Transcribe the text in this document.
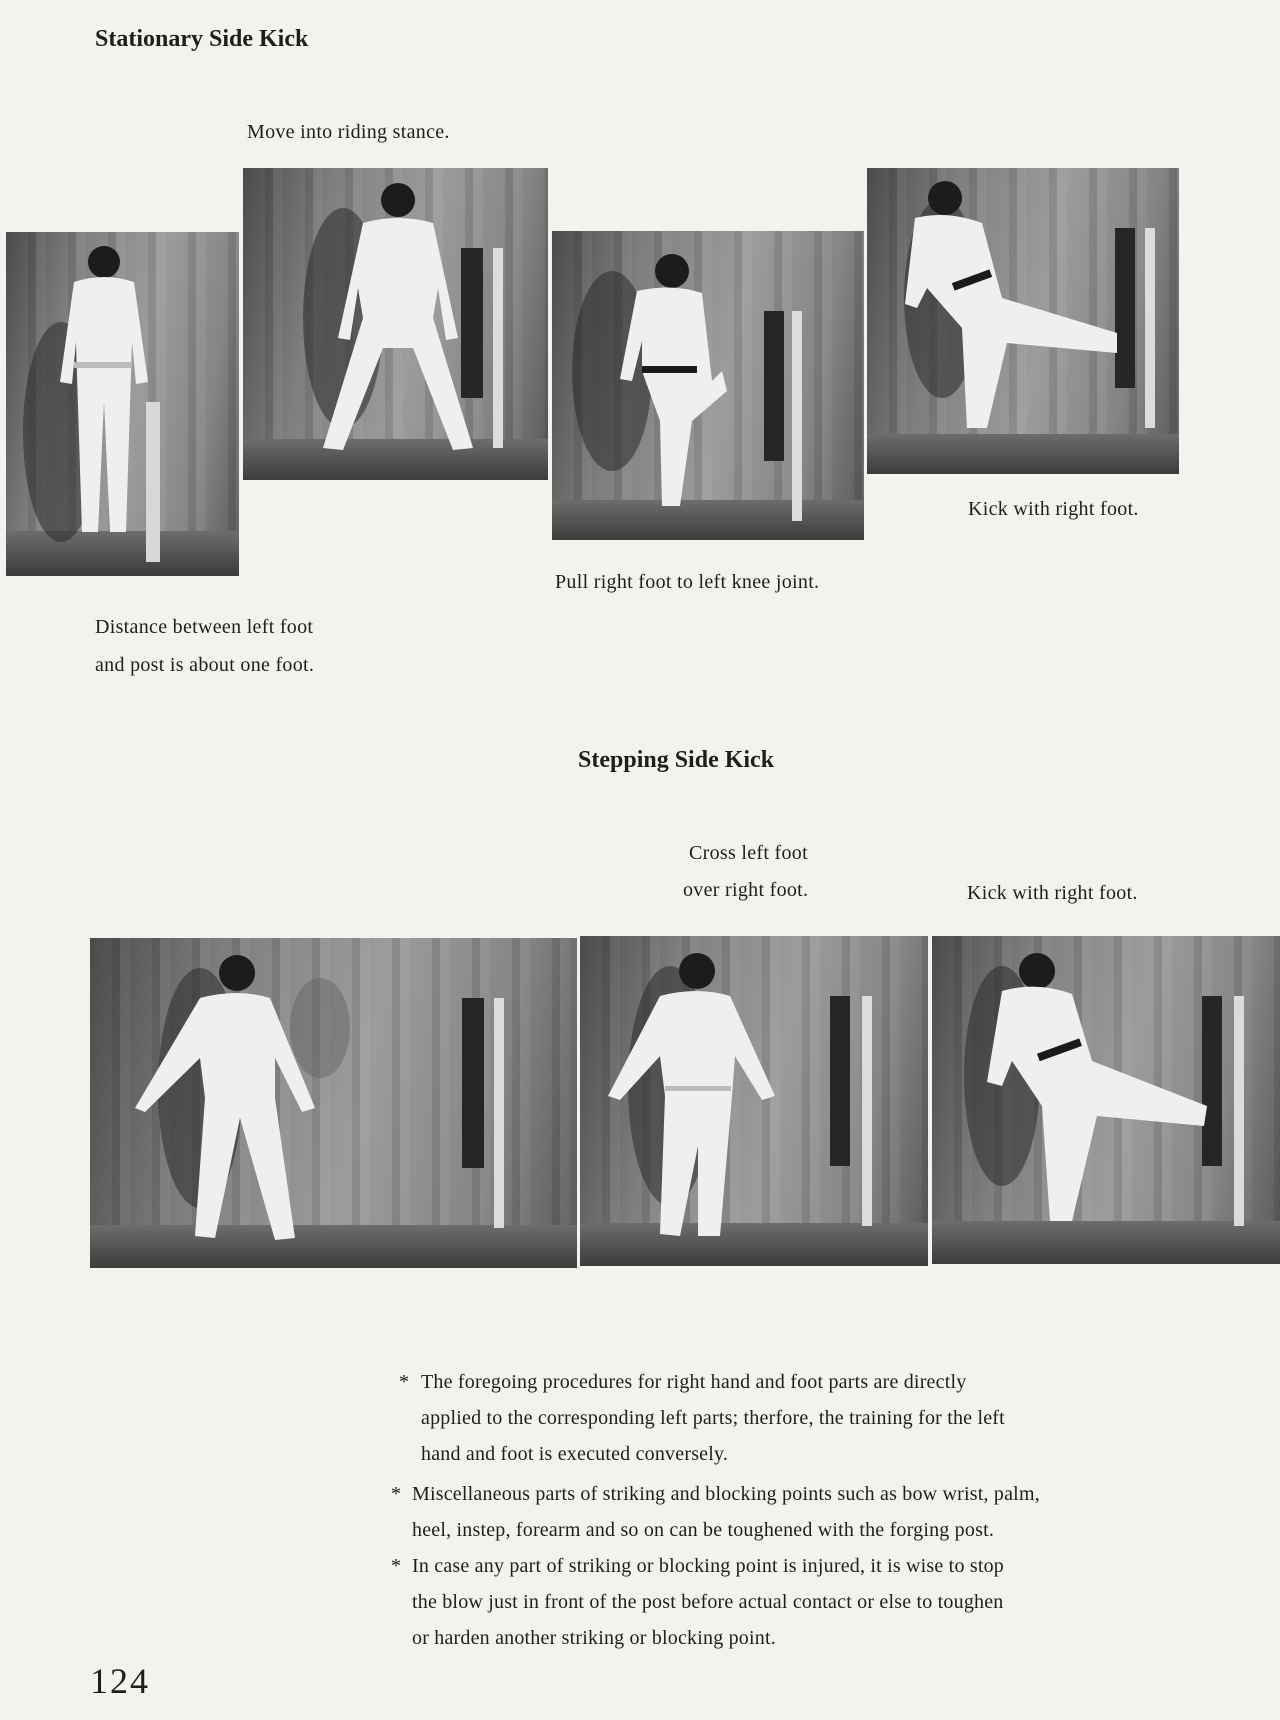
Stationary Side Kick
Stepping Side Kick
Move into riding stance.
Kick with right foot.
Pull right foot to left knee joint.
Distance between left foot
and post is about one foot.
Cross left foot
over right foot.	Kick with right foot.
* The foregoing procedures for right hand and foot parts are directly
applied to the corresponding left parts; therfore, the training for the left
hand and foot is executed conversely.
* Miscellaneous parts of striking and blocking points such as bow wrist, palm,
heel, instep, forearm and so on can be toughened with the forging post.
* In case any part of striking or blocking point is injured, it is wise to stop
the blow just in front of the post before actual contact or else to toughen
or harden another striking or blocking point.
124
